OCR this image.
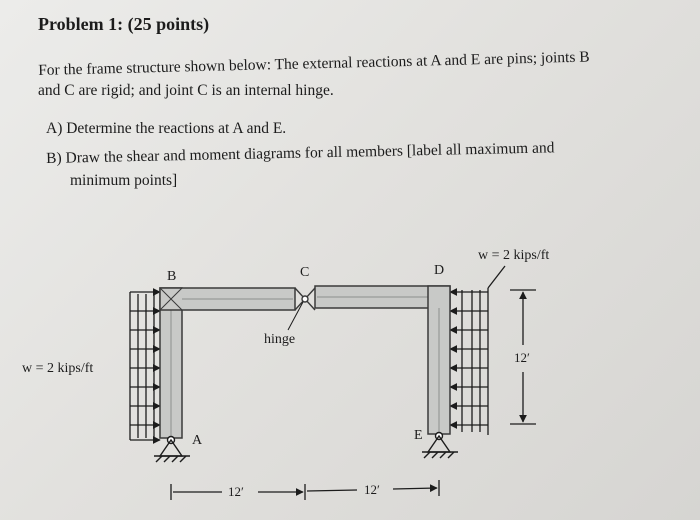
Problem 1: (25 points)
For the frame structure shown below: The external reactions at A and E are pins; joints B
and C are rigid; and joint C is an internal hinge.
A) Determine the reactions at A and E.
B) Draw the shear and moment diagrams for all members [label all maximum and
minimum points]
B	C	D
A	E
hinge
w = 2 kips/ft
w = 2 kips/ft
12′
12′	12′
